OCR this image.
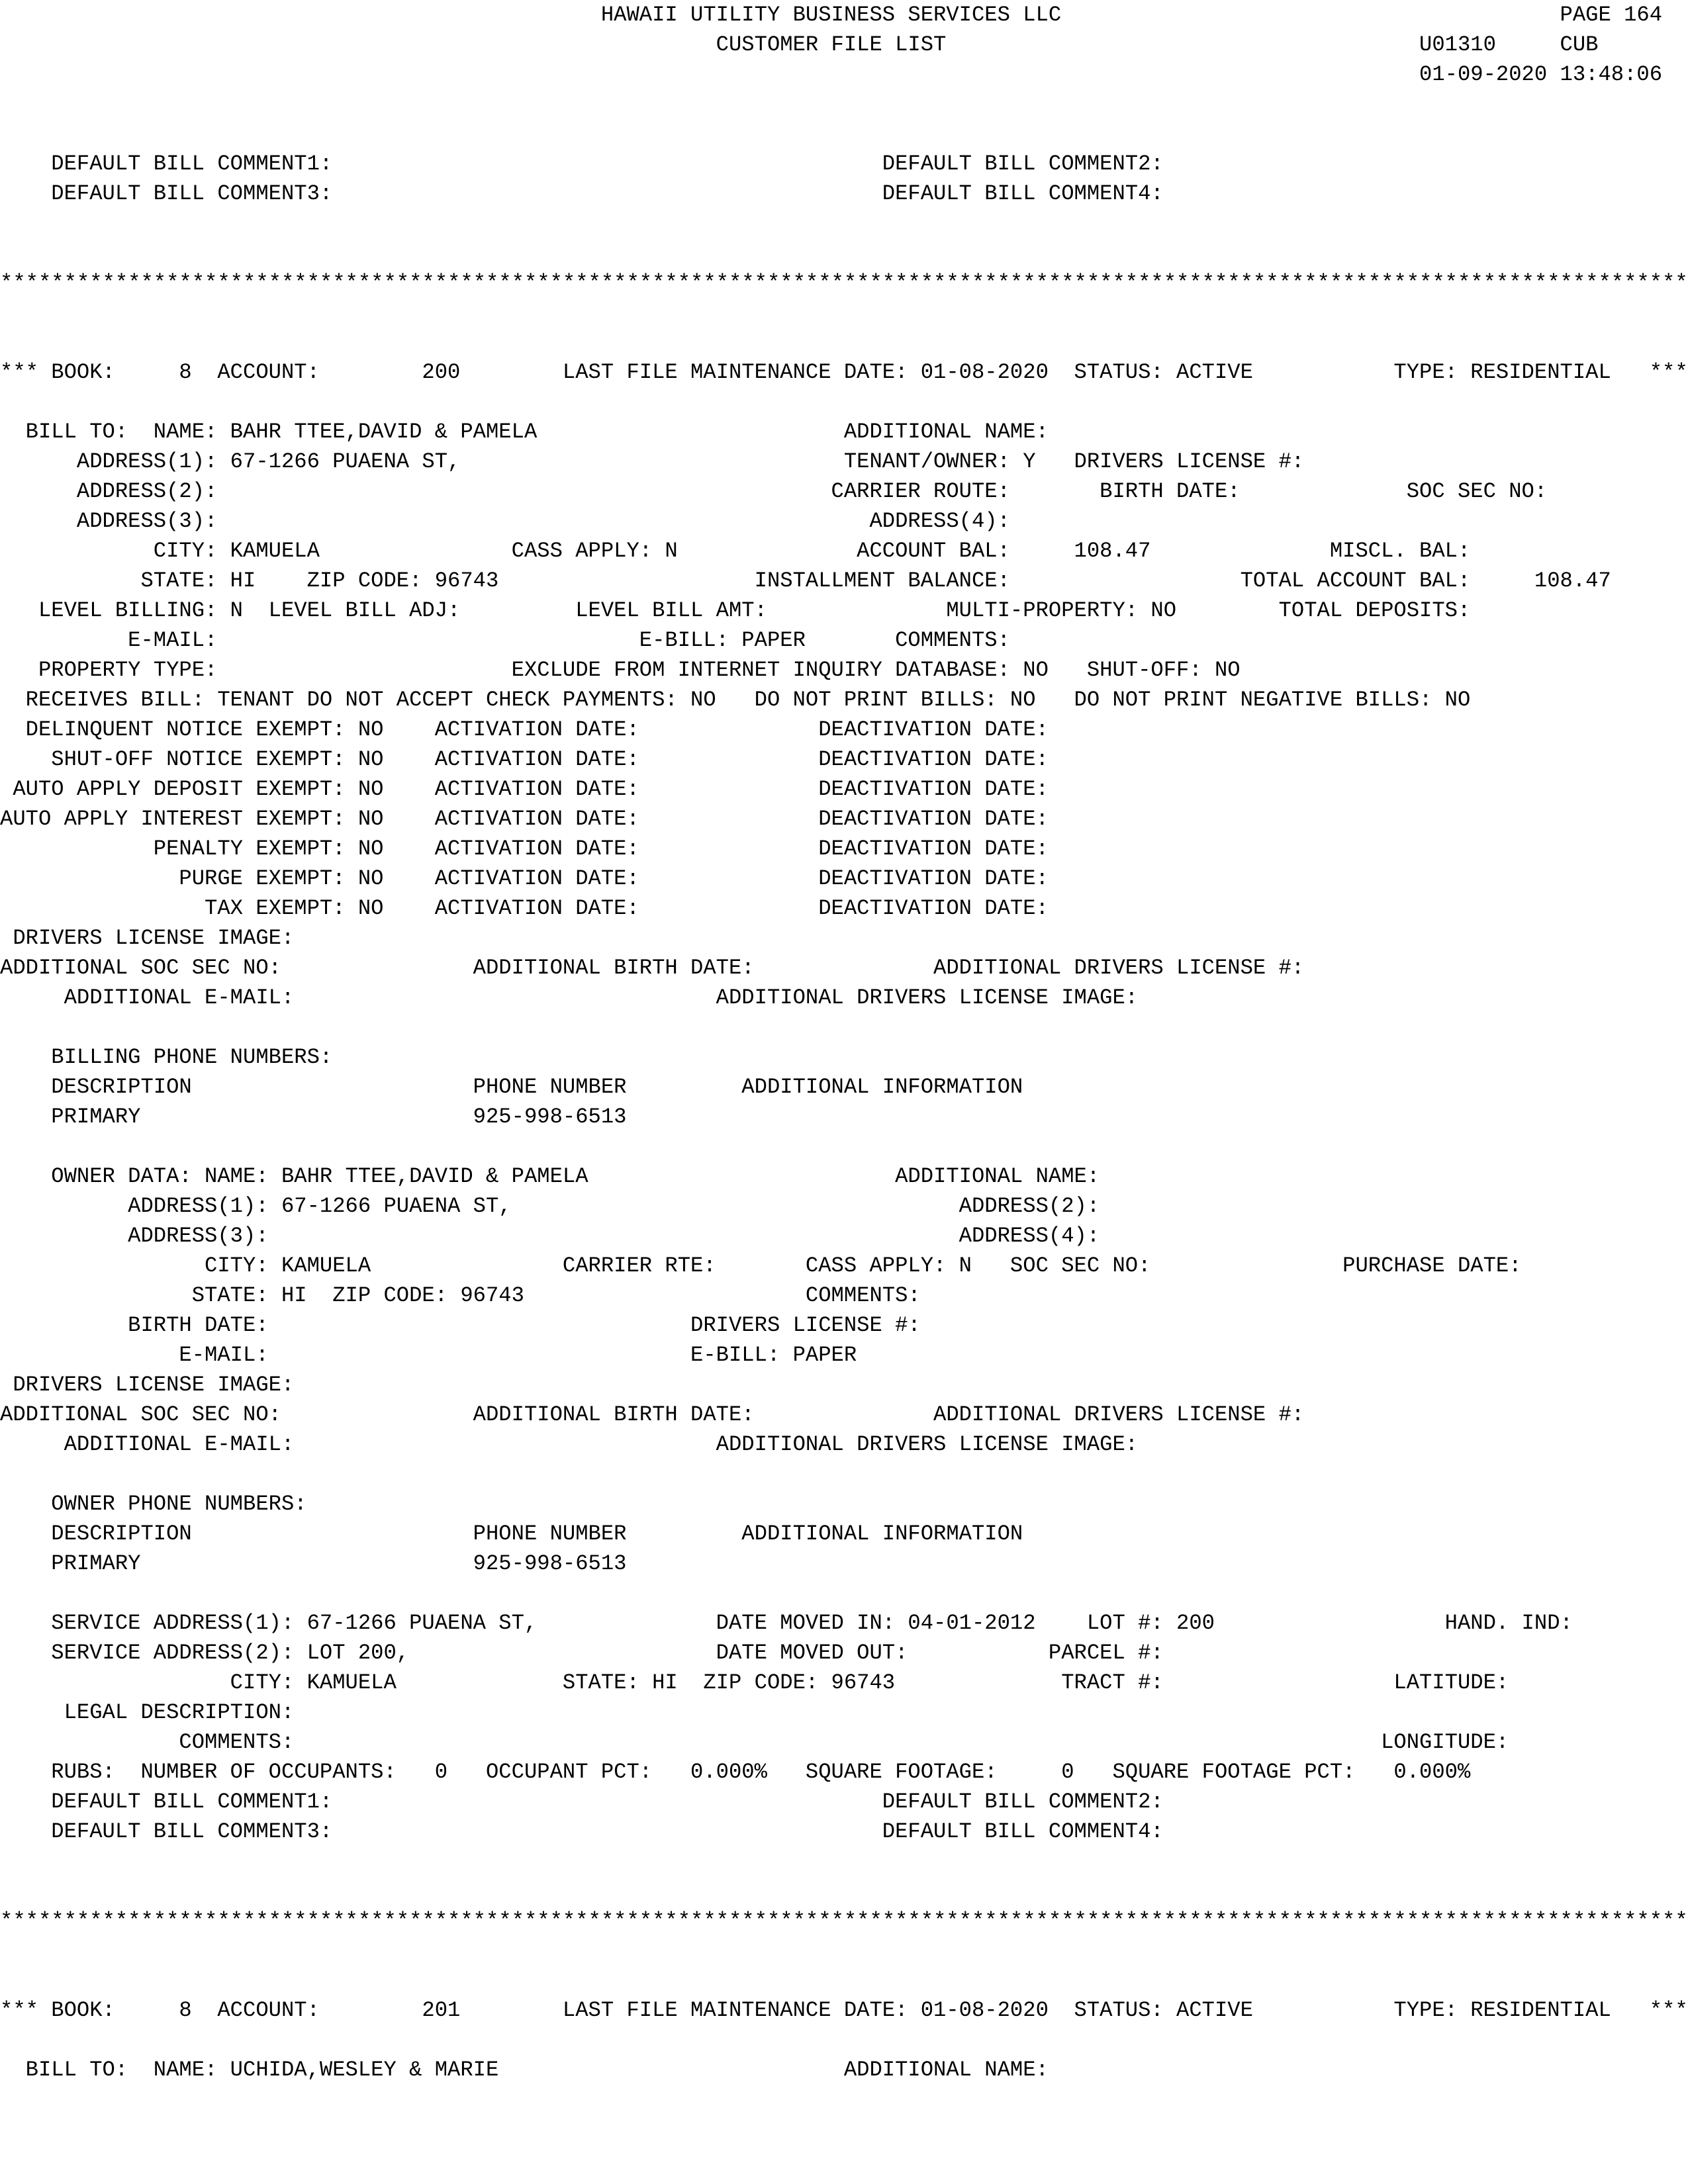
HAWAII UTILITY BUSINESS SERVICES LLC                                       PAGE 164
CUSTOMER FILE LIST                                     U01310     CUB
01-09-2020 13:48:06
DEFAULT BILL COMMENT1:                                           DEFAULT BILL COMMENT2:
DEFAULT BILL COMMENT3:                                           DEFAULT BILL COMMENT4:
************************************************************************************************************************************
*** BOOK:     8  ACCOUNT:        200        LAST FILE MAINTENANCE DATE: 01-08-2020  STATUS: ACTIVE           TYPE: RESIDENTIAL   ***
BILL TO:  NAME: BAHR TTEE,DAVID & PAMELA                        ADDITIONAL NAME:
ADDRESS(1): 67-1266 PUAENA ST,                              TENANT/OWNER: Y   DRIVERS LICENSE #:
ADDRESS(2):                                                CARRIER ROUTE:       BIRTH DATE:             SOC SEC NO:
ADDRESS(3):                                                   ADDRESS(4):
CITY: KAMUELA               CASS APPLY: N              ACCOUNT BAL:     108.47              MISCL. BAL:
STATE: HI    ZIP CODE: 96743                    INSTALLMENT BALANCE:                  TOTAL ACCOUNT BAL:     108.47
LEVEL BILLING: N  LEVEL BILL ADJ:         LEVEL BILL AMT:              MULTI-PROPERTY: NO        TOTAL DEPOSITS:
E-MAIL:                                 E-BILL: PAPER       COMMENTS:
PROPERTY TYPE:                       EXCLUDE FROM INTERNET INQUIRY DATABASE: NO   SHUT-OFF: NO
RECEIVES BILL: TENANT DO NOT ACCEPT CHECK PAYMENTS: NO   DO NOT PRINT BILLS: NO   DO NOT PRINT NEGATIVE BILLS: NO
DELINQUENT NOTICE EXEMPT: NO    ACTIVATION DATE:              DEACTIVATION DATE:
SHUT-OFF NOTICE EXEMPT: NO    ACTIVATION DATE:              DEACTIVATION DATE:
AUTO APPLY DEPOSIT EXEMPT: NO    ACTIVATION DATE:              DEACTIVATION DATE:
AUTO APPLY INTEREST EXEMPT: NO    ACTIVATION DATE:              DEACTIVATION DATE:
PENALTY EXEMPT: NO    ACTIVATION DATE:              DEACTIVATION DATE:
PURGE EXEMPT: NO    ACTIVATION DATE:              DEACTIVATION DATE:
TAX EXEMPT: NO    ACTIVATION DATE:              DEACTIVATION DATE:
DRIVERS LICENSE IMAGE:
ADDITIONAL SOC SEC NO:               ADDITIONAL BIRTH DATE:              ADDITIONAL DRIVERS LICENSE #:
ADDITIONAL E-MAIL:                                 ADDITIONAL DRIVERS LICENSE IMAGE:
BILLING PHONE NUMBERS:
DESCRIPTION                      PHONE NUMBER         ADDITIONAL INFORMATION
PRIMARY                          925-998-6513
OWNER DATA: NAME: BAHR TTEE,DAVID & PAMELA                        ADDITIONAL NAME:
ADDRESS(1): 67-1266 PUAENA ST,                                   ADDRESS(2):
ADDRESS(3):                                                      ADDRESS(4):
CITY: KAMUELA               CARRIER RTE:       CASS APPLY: N   SOC SEC NO:               PURCHASE DATE:
STATE: HI  ZIP CODE: 96743                      COMMENTS:
BIRTH DATE:                                 DRIVERS LICENSE #:
E-MAIL:                                 E-BILL: PAPER
DRIVERS LICENSE IMAGE:
ADDITIONAL SOC SEC NO:               ADDITIONAL BIRTH DATE:              ADDITIONAL DRIVERS LICENSE #:
ADDITIONAL E-MAIL:                                 ADDITIONAL DRIVERS LICENSE IMAGE:
OWNER PHONE NUMBERS:
DESCRIPTION                      PHONE NUMBER         ADDITIONAL INFORMATION
PRIMARY                          925-998-6513
SERVICE ADDRESS(1): 67-1266 PUAENA ST,              DATE MOVED IN: 04-01-2012    LOT #: 200                  HAND. IND:
SERVICE ADDRESS(2): LOT 200,                        DATE MOVED OUT:           PARCEL #:
CITY: KAMUELA             STATE: HI  ZIP CODE: 96743             TRACT #:                  LATITUDE:
LEGAL DESCRIPTION:
COMMENTS:                                                                                     LONGITUDE:
RUBS:  NUMBER OF OCCUPANTS:   0   OCCUPANT PCT:   0.000%   SQUARE FOOTAGE:     0   SQUARE FOOTAGE PCT:   0.000%
DEFAULT BILL COMMENT1:                                           DEFAULT BILL COMMENT2:
DEFAULT BILL COMMENT3:                                           DEFAULT BILL COMMENT4:
************************************************************************************************************************************
*** BOOK:     8  ACCOUNT:        201        LAST FILE MAINTENANCE DATE: 01-08-2020  STATUS: ACTIVE           TYPE: RESIDENTIAL   ***
BILL TO:  NAME: UCHIDA,WESLEY & MARIE                           ADDITIONAL NAME:
